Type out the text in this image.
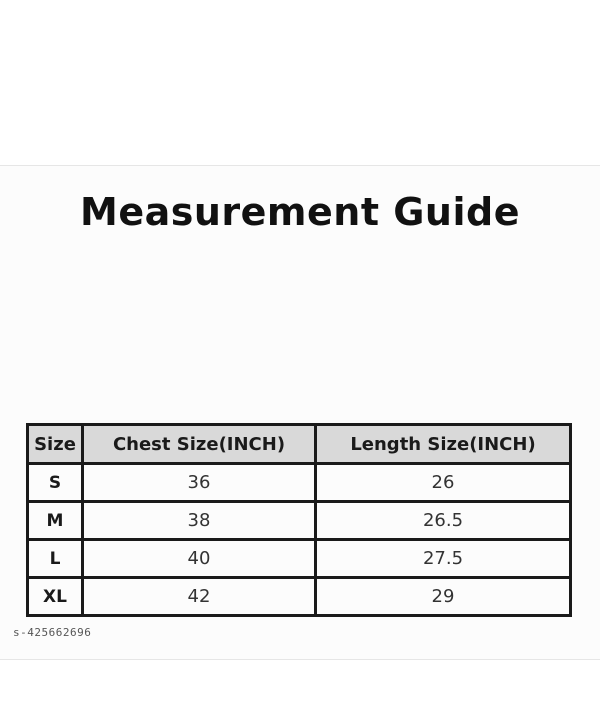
Measurement Guide
Size	Chest Size(INCH)	Length Size(INCH)
S	36	26
M	38	26.5
L	40	27.5
XL	42	29
s-425662696
